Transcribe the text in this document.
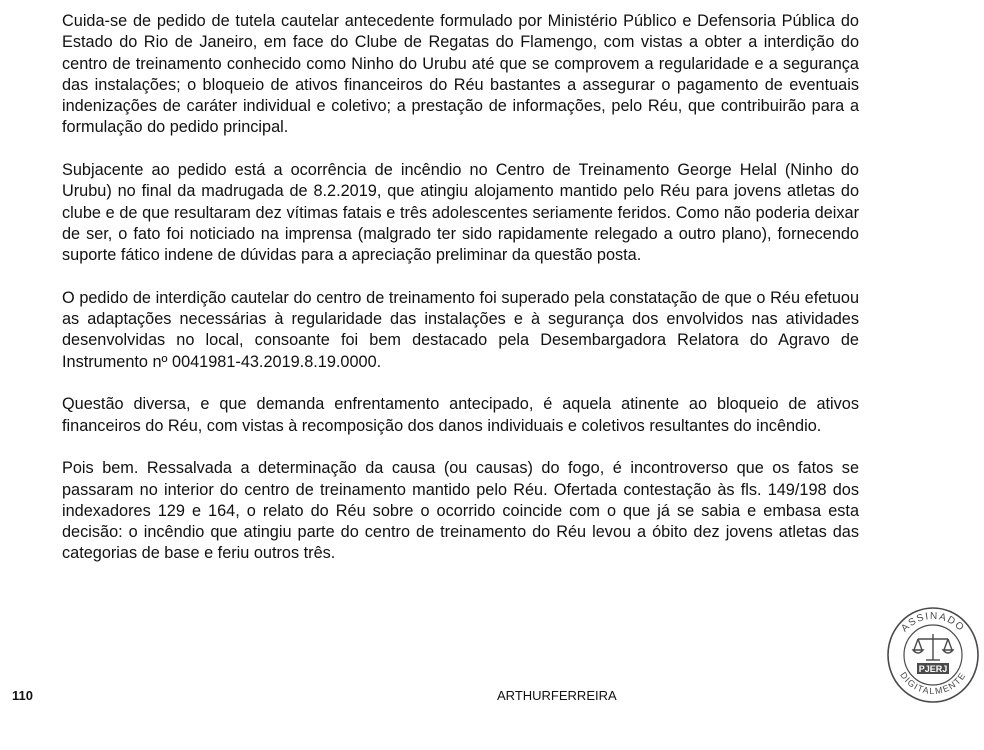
Cuida-se de pedido de tutela cautelar antecedente formulado por Ministério Público e Defensoria Pública do Estado do Rio de Janeiro, em face do Clube de Regatas do Flamengo, com vistas a obter a interdição do centro de treinamento conhecido como Ninho do Urubu até que se comprovem a regularidade e a segurança das instalações; o bloqueio de ativos financeiros do Réu bastantes a assegurar o pagamento de eventuais indenizações de caráter individual e coletivo; a prestação de informações, pelo Réu, que contribuirão para a formulação do pedido principal.

Subjacente ao pedido está a ocorrência de incêndio no Centro de Treinamento George Helal (Ninho do Urubu) no final da madrugada de 8.2.2019, que atingiu alojamento mantido pelo Réu para jovens atletas do clube e de que resultaram dez vítimas fatais e três adolescentes seriamente feridos. Como não poderia deixar de ser, o fato foi noticiado na imprensa (malgrado ter sido rapidamente relegado a outro plano), fornecendo suporte fático indene de dúvidas para a apreciação preliminar da questão posta.

O pedido de interdição cautelar do centro de treinamento foi superado pela constatação de que o Réu efetuou as adaptações necessárias à regularidade das instalações e à segurança dos envolvidos nas atividades desenvolvidas no local, consoante foi bem destacado pela Desembargadora Relatora do Agravo de Instrumento nº 0041981-43.2019.8.19.0000.

Questão diversa, e que demanda enfrentamento antecipado, é aquela atinente ao bloqueio de ativos financeiros do Réu, com vistas à recomposição dos danos individuais e coletivos resultantes do incêndio.

Pois bem. Ressalvada a determinação da causa (ou causas) do fogo, é incontroverso que os fatos se passaram no interior do centro de treinamento mantido pelo Réu. Ofertada contestação às fls. 149/198 dos indexadores 129 e 164, o relato do Réu sobre o ocorrido coincide com o que já se sabia e embasa esta decisão: o incêndio que atingiu parte do centro de treinamento do Réu levou a óbito dez jovens atletas das categorias de base e feriu outros três.

110	ARTHURFERREIRA
ASSINADO
DIGITALMENTE
PJERJ
